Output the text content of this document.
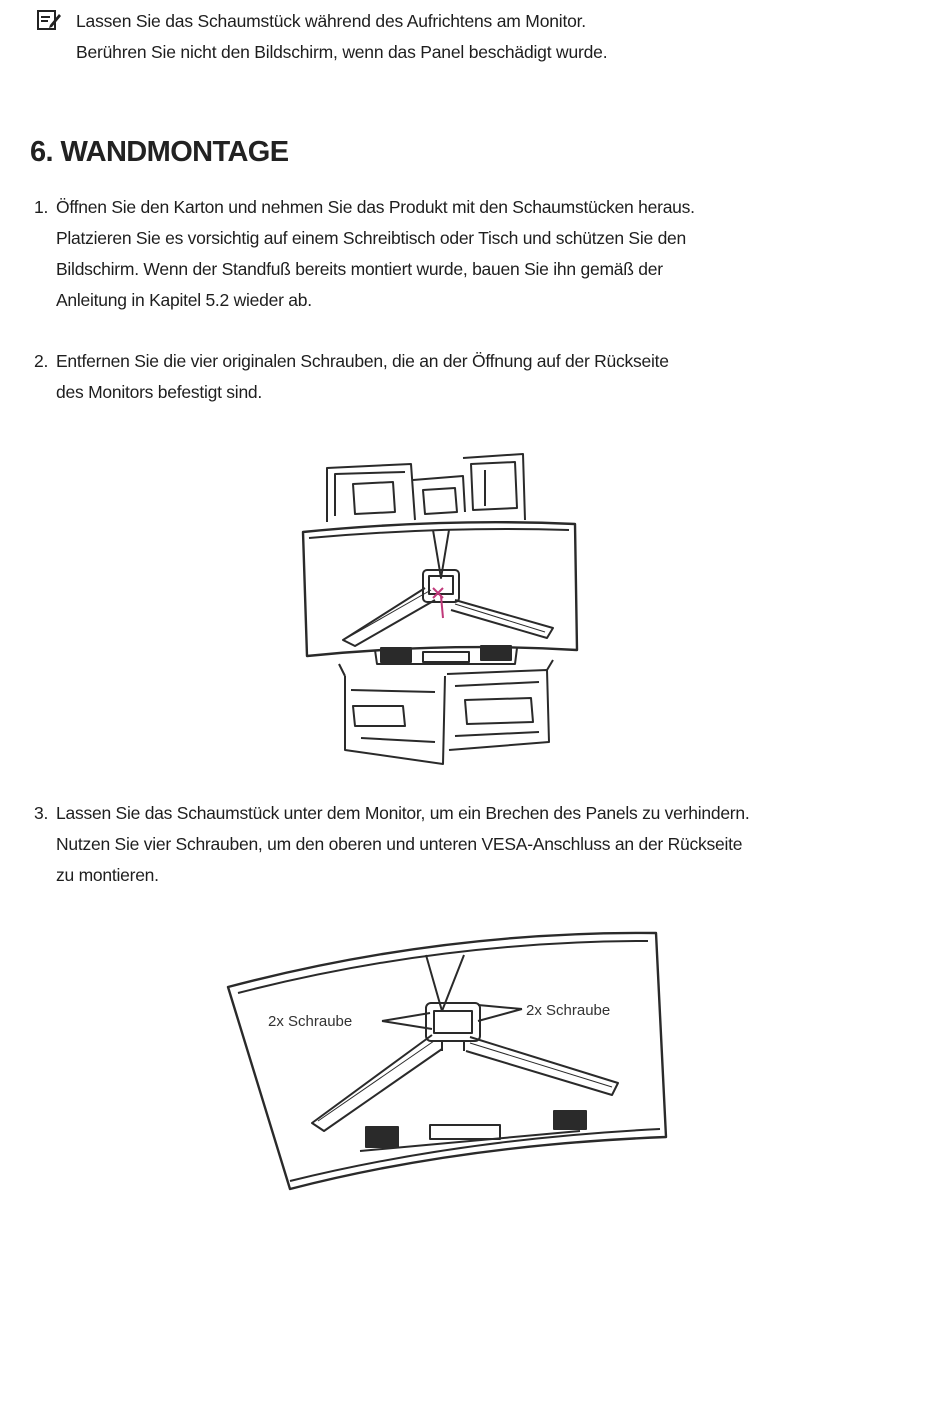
Lassen Sie das Schaumstück während des Aufrichtens am Monitor.
Berühren Sie nicht den Bildschirm, wenn das Panel beschädigt wurde.
6. WANDMONTAGE
1. Öffnen Sie den Karton und nehmen Sie das Produkt mit den Schaumstücken heraus.
Platzieren Sie es vorsichtig auf einem Schreibtisch oder Tisch und schützen Sie den
Bildschirm. Wenn der Standfuß bereits montiert wurde, bauen Sie ihn gemäß der
Anleitung in Kapitel 5.2 wieder ab.
2. Entfernen Sie die vier originalen Schrauben, die an der Öffnung auf der Rückseite
des Monitors befestigt sind.
3. Lassen Sie das Schaumstück unter dem Monitor, um ein Brechen des Panels zu verhindern.
Nutzen Sie vier Schrauben, um den oberen und unteren VESA-Anschluss an der Rückseite
zu montieren.
2x Schraube
2x Schraube
